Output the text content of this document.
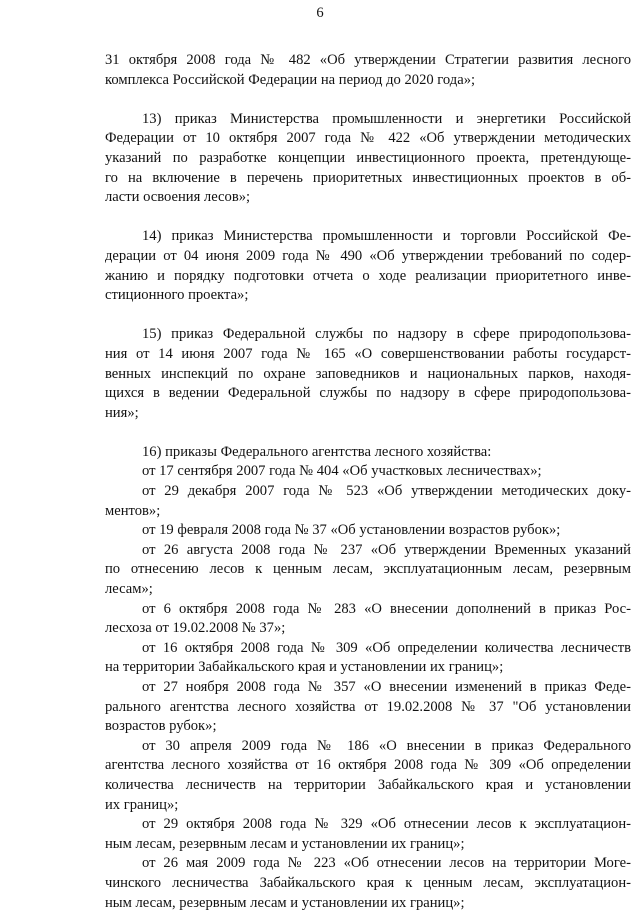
6
31 октября 2008 года № 482 «Об утверждении Стратегии развития лесного
комплекса Российской Федерации на период до 2020 года»;
13) приказ Министерства промышленности и энергетики Российской
Федерации от 10 октября 2007 года № 422 «Об утверждении методических
указаний по разработке концепции инвестиционного проекта, претендующе-
го на включение в перечень приоритетных инвестиционных проектов в об-
ласти освоения лесов»;
14) приказ Министерства промышленности и торговли Российской Фе-
дерации от 04 июня 2009 года № 490 «Об утверждении требований по содер-
жанию и порядку подготовки отчета о ходе реализации приоритетного инве-
стиционного проекта»;
15) приказ Федеральной службы по надзору в сфере природопользова-
ния от 14 июня 2007 года № 165 «О совершенствовании работы государст-
венных инспекций по охране заповедников и национальных парков, находя-
щихся в ведении Федеральной службы по надзору в сфере природопользова-
ния»;
16) приказы Федерального агентства лесного хозяйства:
от 17 сентября 2007 года № 404 «Об участковых лесничествах»;
от 29 декабря 2007 года № 523 «Об утверждении методических доку-
ментов»;
от 19 февраля 2008 года № 37 «Об установлении возрастов рубок»;
от 26 августа 2008 года № 237 «Об утверждении Временных указаний
по отнесению лесов к ценным лесам, эксплуатационным лесам, резервным
лесам»;
от 6 октября 2008 года № 283 «О внесении дополнений в приказ Рос-
лесхоза от 19.02.2008 № 37»;
от 16 октября 2008 года № 309 «Об определении количества лесничеств
на территории Забайкальского края и установлении их границ»;
от 27 ноября 2008 года № 357 «О внесении изменений в приказ Феде-
рального агентства лесного хозяйства от 19.02.2008 № 37 "Об установлении
возрастов рубок»;
от 30 апреля 2009 года № 186 «О внесении в приказ Федерального
агентства лесного хозяйства от 16 октября 2008 года № 309 «Об определении
количества лесничеств на территории Забайкальского края и установлении
их границ»;
от 29 октября 2008 года № 329 «Об отнесении лесов к эксплуатацион-
ным лесам, резервным лесам и установлении их границ»;
от 26 мая 2009 года № 223 «Об отнесении лесов на территории Моге-
чинского лесничества Забайкальского края к ценным лесам, эксплуатацион-
ным лесам, резервным лесам и установлении их границ»;
